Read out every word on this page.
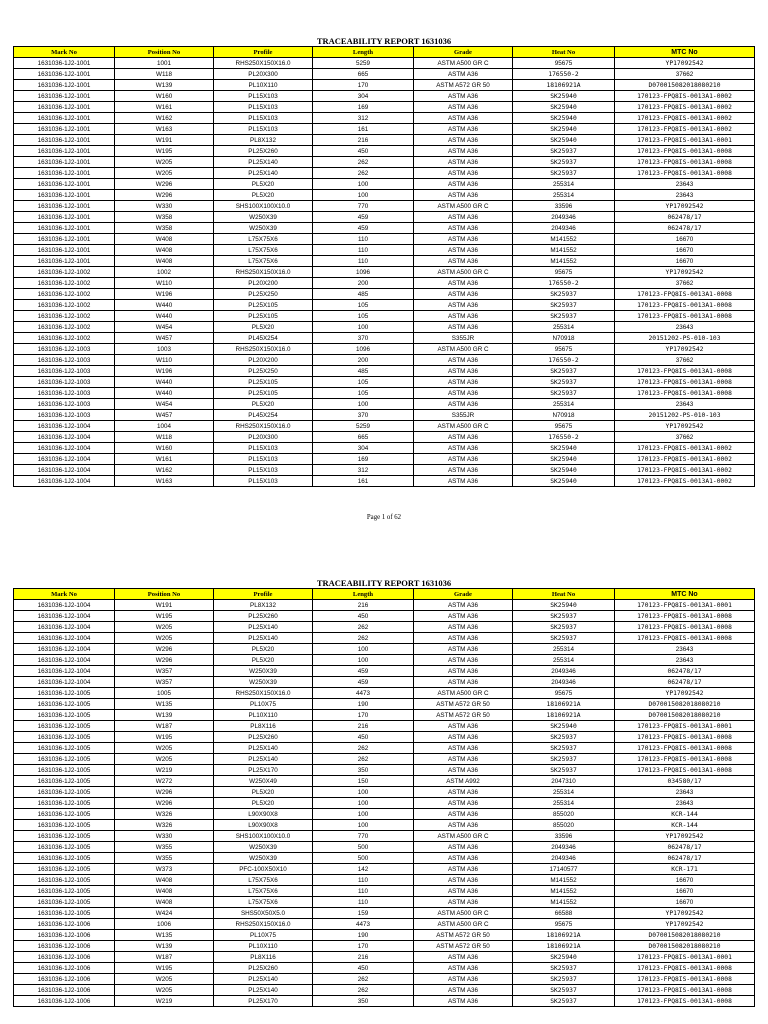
TRACEABILITY REPORT 1631036
Mark No	Position No	Profile	Length	Grade	Heat No	MTC No
1631036-1J2-1001	1001	RHS250X150X16.0	5259	ASTM A500 GR C	95675	YP17092542
1631036-1J2-1001	W118	PL20X300	665	ASTM A36	176550-2	37662
1631036-1J2-1001	W139	PL10X110	170	ASTM A572 GR 50	18106921A	D070015082018080210
1631036-1J2-1001	W160	PL15X103	304	ASTM A36	SK25940	170123-FPQ8IS-0013A1-0002
1631036-1J2-1001	W161	PL15X103	169	ASTM A36	SK25940	170123-FPQ8IS-0013A1-0002
1631036-1J2-1001	W162	PL15X103	312	ASTM A36	SK25940	170123-FPQ8IS-0013A1-0002
1631036-1J2-1001	W163	PL15X103	161	ASTM A36	SK25940	170123-FPQ8IS-0013A1-0002
1631036-1J2-1001	W191	PL8X132	216	ASTM A36	SK25940	170123-FPQ8IS-0013A1-0001
1631036-1J2-1001	W195	PL25X260	450	ASTM A36	SK25937	170123-FPQ8IS-0013A1-0008
1631036-1J2-1001	W205	PL25X140	262	ASTM A36	SK25937	170123-FPQ8IS-0013A1-0008
1631036-1J2-1001	W205	PL25X140	262	ASTM A36	SK25937	170123-FPQ8IS-0013A1-0008
1631036-1J2-1001	W296	PL5X20	100	ASTM A36	255314	23643
1631036-1J2-1001	W296	PL5X20	100	ASTM A36	255314	23643
1631036-1J2-1001	W330	SHS100X100X10.0	770	ASTM A500 GR C	33596	YP17092542
1631036-1J2-1001	W358	W250X39	459	ASTM A36	2049346	062478/17
1631036-1J2-1001	W358	W250X39	459	ASTM A36	2049346	062478/17
1631036-1J2-1001	W408	L75X75X6	110	ASTM A36	M141552	16670
1631036-1J2-1001	W408	L75X75X6	110	ASTM A36	M141552	16670
1631036-1J2-1001	W408	L75X75X6	110	ASTM A36	M141552	16670
1631036-1J2-1002	1002	RHS250X150X16.0	1096	ASTM A500 GR C	95675	YP17092542
1631036-1J2-1002	W110	PL20X200	200	ASTM A36	176550-2	37662
1631036-1J2-1002	W196	PL25X250	485	ASTM A36	SK25937	170123-FPQ8IS-0013A1-0008
1631036-1J2-1002	W440	PL25X105	105	ASTM A36	SK25937	170123-FPQ8IS-0013A1-0008
1631036-1J2-1002	W440	PL25X105	105	ASTM A36	SK25937	170123-FPQ8IS-0013A1-0008
1631036-1J2-1002	W454	PL5X20	100	ASTM A36	255314	23643
1631036-1J2-1002	W457	PL45X254	370	S355JR	N70918	20151202-PS-010-103
1631036-1J2-1003	1003	RHS250X150X16.0	1096	ASTM A500 GR C	95675	YP17092542
1631036-1J2-1003	W110	PL20X200	200	ASTM A36	176550-2	37662
1631036-1J2-1003	W196	PL25X250	485	ASTM A36	SK25937	170123-FPQ8IS-0013A1-0008
1631036-1J2-1003	W440	PL25X105	105	ASTM A36	SK25937	170123-FPQ8IS-0013A1-0008
1631036-1J2-1003	W440	PL25X105	105	ASTM A36	SK25937	170123-FPQ8IS-0013A1-0008
1631036-1J2-1003	W454	PL5X20	100	ASTM A36	255314	23643
1631036-1J2-1003	W457	PL45X254	370	S355JR	N70918	20151202-PS-010-103
1631036-1J2-1004	1004	RHS250X150X16.0	5259	ASTM A500 GR C	95675	YP17092542
1631036-1J2-1004	W118	PL20X300	665	ASTM A36	176550-2	37662
1631036-1J2-1004	W160	PL15X103	304	ASTM A36	SK25940	170123-FPQ8IS-0013A1-0002
1631036-1J2-1004	W161	PL15X103	169	ASTM A36	SK25940	170123-FPQ8IS-0013A1-0002
1631036-1J2-1004	W162	PL15X103	312	ASTM A36	SK25940	170123-FPQ8IS-0013A1-0002
1631036-1J2-1004	W163	PL15X103	161	ASTM A36	SK25940	170123-FPQ8IS-0013A1-0002
Page 1 of 62
TRACEABILITY REPORT 1631036
Mark No	Position No	Profile	Length	Grade	Heat No	MTC No
1631036-1J2-1004	W191	PL8X132	216	ASTM A36	SK25940	170123-FPQ8IS-0013A1-0001
1631036-1J2-1004	W195	PL25X260	450	ASTM A36	SK25937	170123-FPQ8IS-0013A1-0008
1631036-1J2-1004	W205	PL25X140	262	ASTM A36	SK25937	170123-FPQ8IS-0013A1-0008
1631036-1J2-1004	W205	PL25X140	262	ASTM A36	SK25937	170123-FPQ8IS-0013A1-0008
1631036-1J2-1004	W296	PL5X20	100	ASTM A36	255314	23643
1631036-1J2-1004	W296	PL5X20	100	ASTM A36	255314	23643
1631036-1J2-1004	W357	W250X39	459	ASTM A36	2049346	062478/17
1631036-1J2-1004	W357	W250X39	459	ASTM A36	2049346	062478/17
1631036-1J2-1005	1005	RHS250X150X16.0	4473	ASTM A500 GR C	95675	YP17092542
1631036-1J2-1005	W135	PL10X75	190	ASTM A572 GR 50	18106921A	D070015082018080210
1631036-1J2-1005	W139	PL10X110	170	ASTM A572 GR 50	18106921A	D070015082018080210
1631036-1J2-1005	W187	PL8X116	216	ASTM A36	SK25940	170123-FPQ8IS-0013A1-0001
1631036-1J2-1005	W195	PL25X260	450	ASTM A36	SK25937	170123-FPQ8IS-0013A1-0008
1631036-1J2-1005	W205	PL25X140	262	ASTM A36	SK25937	170123-FPQ8IS-0013A1-0008
1631036-1J2-1005	W205	PL25X140	262	ASTM A36	SK25937	170123-FPQ8IS-0013A1-0008
1631036-1J2-1005	W219	PL25X170	350	ASTM A36	SK25937	170123-FPQ8IS-0013A1-0008
1631036-1J2-1005	W272	W250X49	150	ASTM A992	2047310	034580/17
1631036-1J2-1005	W296	PL5X20	100	ASTM A36	255314	23643
1631036-1J2-1005	W296	PL5X20	100	ASTM A36	255314	23643
1631036-1J2-1005	W326	L90X90X8	100	ASTM A36	855020	KCR-144
1631036-1J2-1005	W326	L90X90X8	100	ASTM A36	855020	KCR-144
1631036-1J2-1005	W330	SHS100X100X10.0	770	ASTM A500 GR C	33596	YP17092542
1631036-1J2-1005	W355	W250X39	500	ASTM A36	2049346	062478/17
1631036-1J2-1005	W355	W250X39	500	ASTM A36	2049346	062478/17
1631036-1J2-1005	W373	PFC-100X50X10	142	ASTM A36	17140577	KCR-171
1631036-1J2-1005	W408	L75X75X6	110	ASTM A36	M141552	16670
1631036-1J2-1005	W408	L75X75X6	110	ASTM A36	M141552	16670
1631036-1J2-1005	W408	L75X75X6	110	ASTM A36	M141552	16670
1631036-1J2-1005	W424	SHS50X50X5.0	159	ASTM A500 GR C	66588	YP17092542
1631036-1J2-1006	1006	RHS250X150X16.0	4473	ASTM A500 GR C	95675	YP17092542
1631036-1J2-1006	W135	PL10X75	190	ASTM A572 GR 50	18106921A	D070015082018080210
1631036-1J2-1006	W139	PL10X110	170	ASTM A572 GR 50	18106921A	D070015082018080210
1631036-1J2-1006	W187	PL8X116	216	ASTM A36	SK25940	170123-FPQ8IS-0013A1-0001
1631036-1J2-1006	W195	PL25X260	450	ASTM A36	SK25937	170123-FPQ8IS-0013A1-0008
1631036-1J2-1006	W205	PL25X140	262	ASTM A36	SK25937	170123-FPQ8IS-0013A1-0008
1631036-1J2-1006	W205	PL25X140	262	ASTM A36	SK25937	170123-FPQ8IS-0013A1-0008
1631036-1J2-1006	W219	PL25X170	350	ASTM A36	SK25937	170123-FPQ8IS-0013A1-0008
